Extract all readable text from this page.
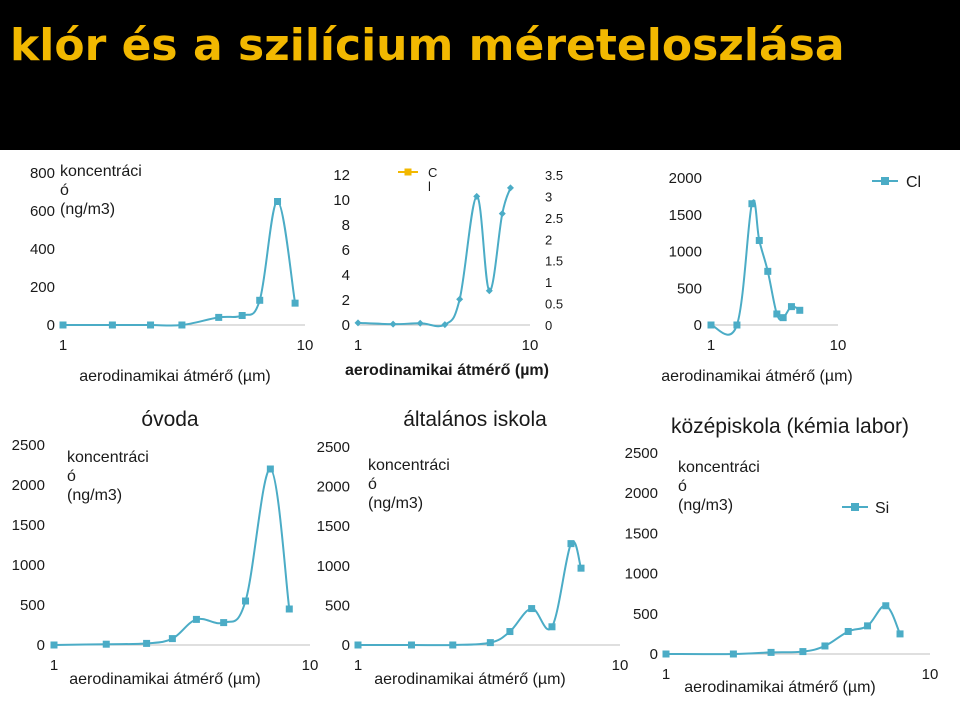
klór és a szilícium méreteloszlása
0
200
400
600
800
1	10
aerodinamikai átmérő (µm)
koncentráci
ó
(ng/m3)
0
2
4
6
8
10
12
0
0.5
1
1.5
2
2.5
3
3.5
1	10
aerodinamikai átmérő (µm)
C
l
0
500
1000
1500
2000
1	10
aerodinamikai átmérő (µm)
Cl
0
500
1000
1500
2000
2500
1	10
aerodinamikai átmérő (µm)
koncentráci
ó
(ng/m3)
óvoda
0
500
1000
1500
2000
2500
1	10
aerodinamikai átmérő (µm)
koncentráci
ó
(ng/m3)
általános iskola
0
500
1000
1500
2000
2500
1	10
aerodinamikai átmérő (µm)
koncentráci
ó
(ng/m3)
középiskola (kémia labor)
Si
